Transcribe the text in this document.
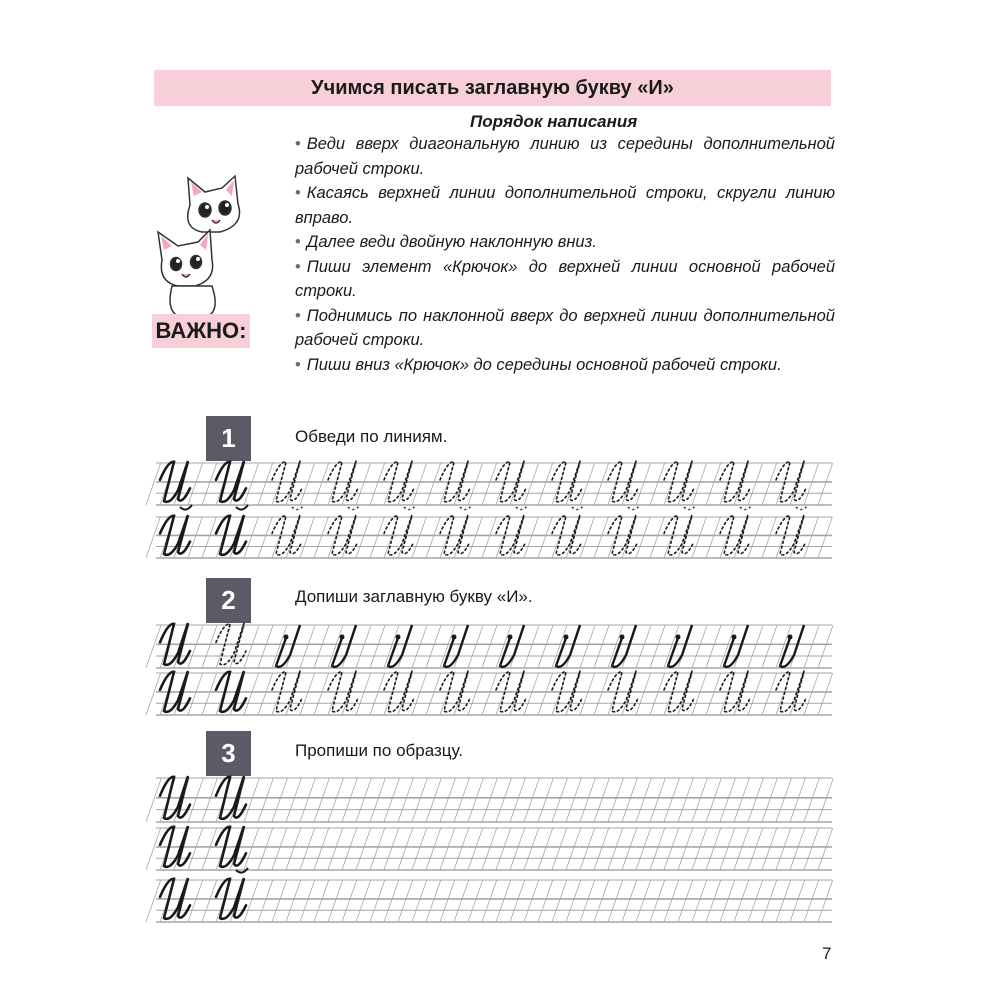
Учимся писать заглавную букву «И»
Порядок написания

• Веди вверх диагональную линию из середины дополнительной рабочей строки.

• Касаясь верхней линии дополнительной строки, скругли линию вправо.

• Далее веди двойную наклонную вниз.

• Пиши элемент «Крючок» до верхней линии основной рабочей строки.

• Поднимись по наклонной вверх до верхней линии дополнительной рабочей строки.

• Пиши вниз «Крючок» до середины основной рабочей строки.

ВАЖНО:
1	Обведи по линиям.
2	Допиши заглавную букву «И».
3	Пропиши по образцу.
7
